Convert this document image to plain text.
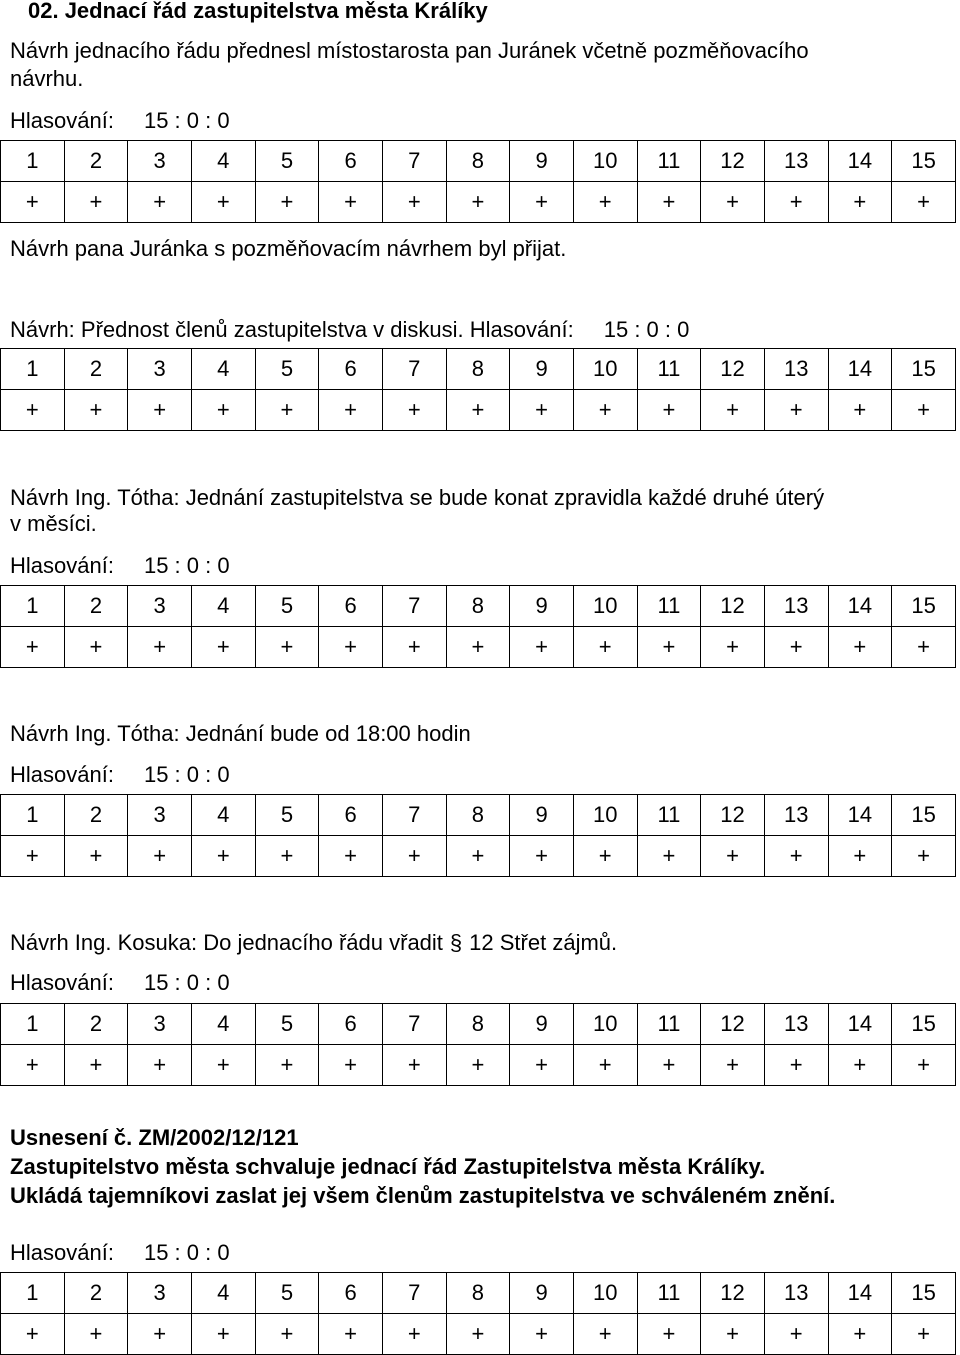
02. Jednací řád zastupitelstva města Králíky
Návrh jednacího řádu přednesl místostarosta pan Juránek včetně pozměňovacího
návrhu.
Hlasování: 15 : 0 : 0
1	2	3	4	5	6	7	8	9	10	11	12	13	14	15
+	+	+	+	+	+	+	+	+	+	+	+	+	+	+
Návrh pana Juránka s pozměňovacím návrhem byl přijat.
Návrh: Přednost členů zastupitelstva v diskusi. Hlasování: 15 : 0 : 0
1	2	3	4	5	6	7	8	9	10	11	12	13	14	15
+	+	+	+	+	+	+	+	+	+	+	+	+	+	+
Návrh Ing. Tótha: Jednání zastupitelstva se bude konat zpravidla každé druhé úterý
v měsíci.
Hlasování: 15 : 0 : 0
1	2	3	4	5	6	7	8	9	10	11	12	13	14	15
+	+	+	+	+	+	+	+	+	+	+	+	+	+	+
Návrh Ing. Tótha: Jednání bude od 18:00 hodin
Hlasování: 15 : 0 : 0
1	2	3	4	5	6	7	8	9	10	11	12	13	14	15
+	+	+	+	+	+	+	+	+	+	+	+	+	+	+
Návrh Ing. Kosuka: Do jednacího řádu vřadit § 12 Střet zájmů.
Hlasování: 15 : 0 : 0
1	2	3	4	5	6	7	8	9	10	11	12	13	14	15
+	+	+	+	+	+	+	+	+	+	+	+	+	+	+
Usnesení č. ZM/2002/12/121
Zastupitelstvo města schvaluje jednací řád Zastupitelstva města Králíky.
Ukládá tajemníkovi zaslat jej všem členům zastupitelstva ve schváleném znění.
Hlasování: 15 : 0 : 0
1	2	3	4	5	6	7	8	9	10	11	12	13	14	15
+	+	+	+	+	+	+	+	+	+	+	+	+	+	+
